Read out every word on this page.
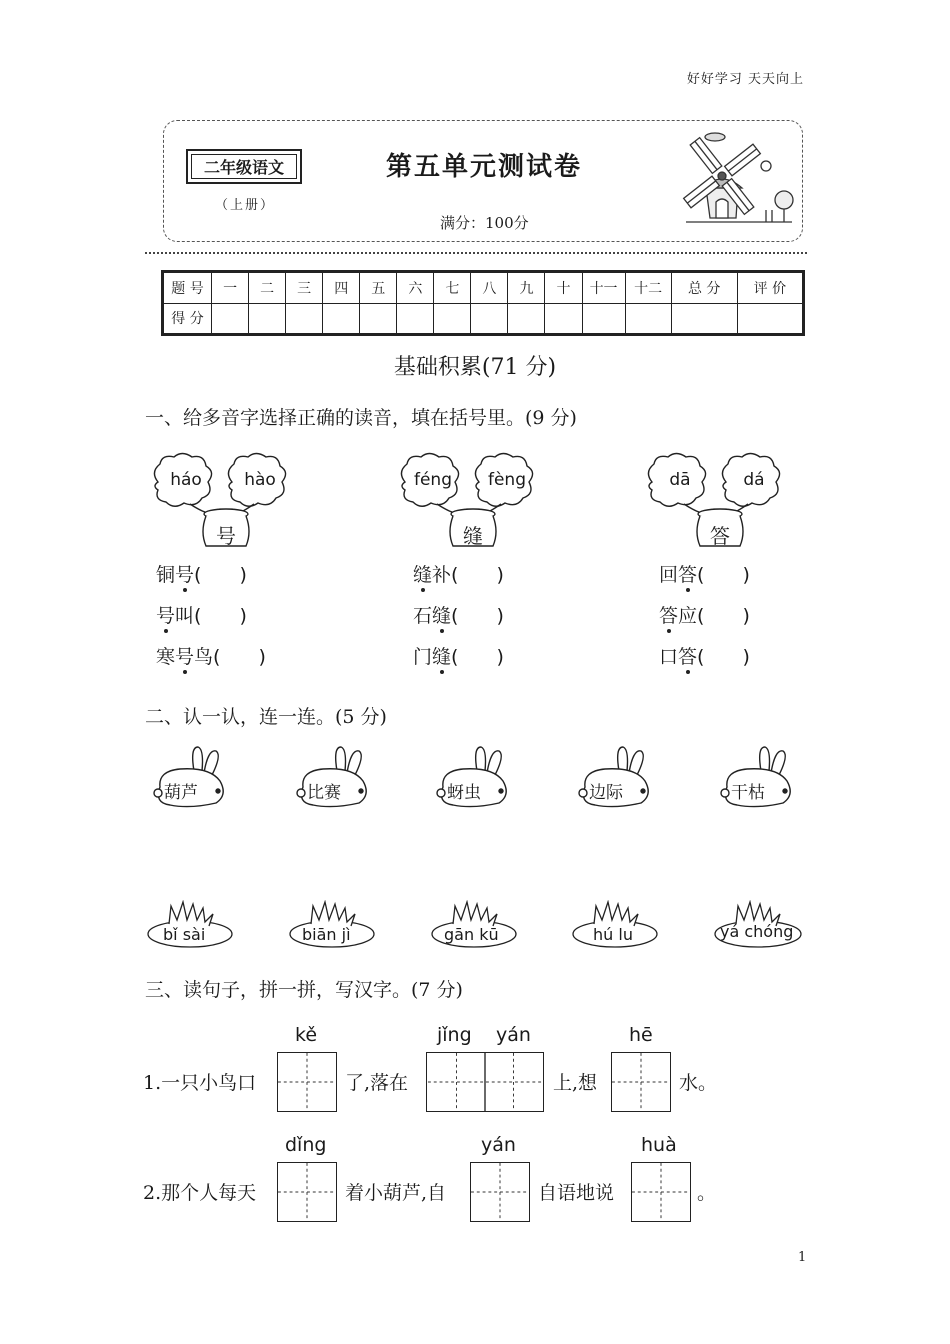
好好学习 天天向上
二年级语文
（上册）
第五单元测试卷
满分：100分
题 号	一	二	三	四	五	六	七	八	九	十	十一	十二	总 分	评 价
得 分														
基础积累(71 分)
一、给多音字选择正确的读音，填在括号里。(9 分)
háo	hào
号
féng	fèng
缝
dā	dá
答
铜号(　　)
号叫(　　)
寒号鸟(　　)
缝补(　　)
石缝(　　)
门缝(　　)
回答(　　)
答应(　　)
口答(　　)
二、认一认，连一连。(5 分)
葫芦	比赛	蚜虫	边际	干枯
bǐ sài	biān jì	gān kū	hú lu	yá chóng
三、读句子，拼一拼，写汉字。(7 分)
1.一只小鸟口
kě
了,落在
jǐng yán
上,想
hē
水。
2.那个人每天
dǐng
着小葫芦,自
yán
自语地说
huà
。
1
